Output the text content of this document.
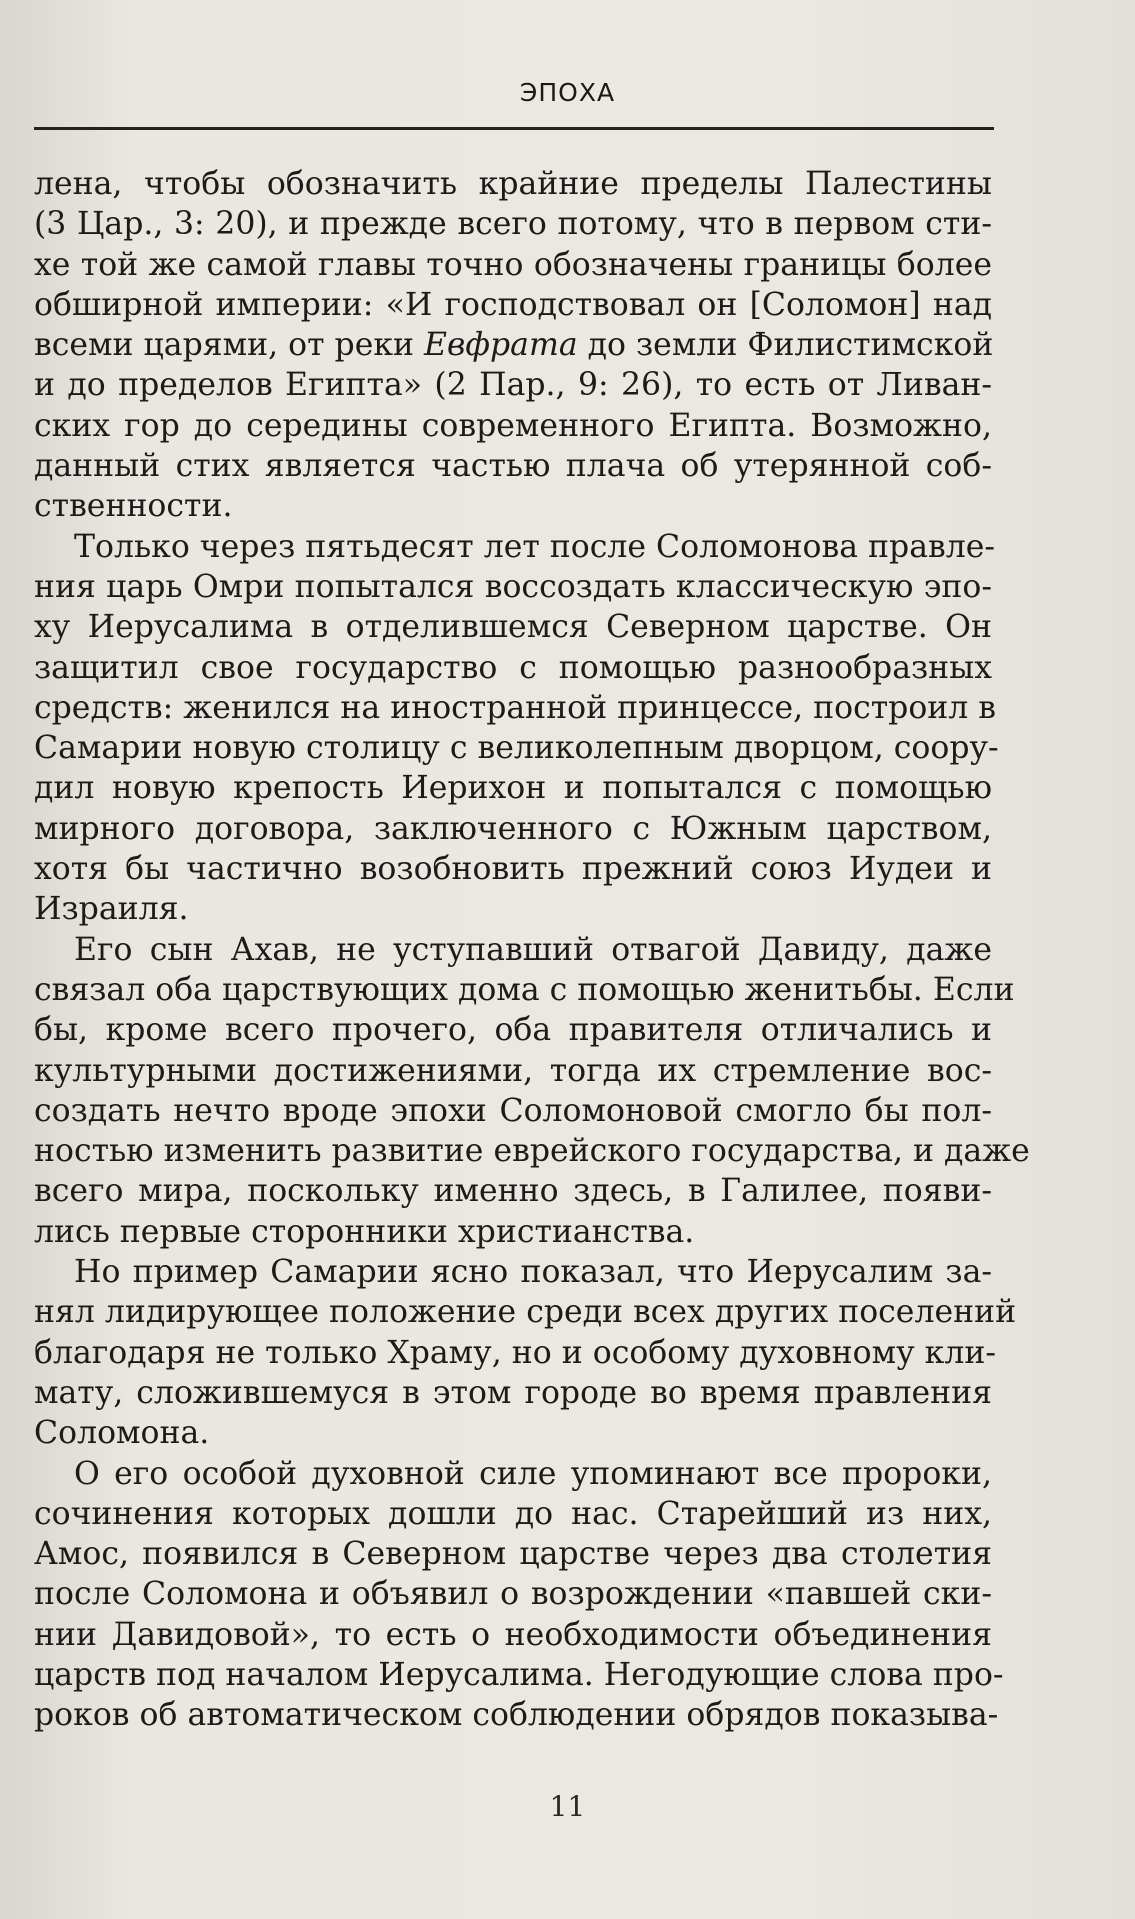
ЭПОХА
лена, чтобы обозначить крайние пределы Палестины
(3 Цар., 3: 20), и прежде всего потому, что в первом сти-
хе той же самой главы точно обозначены границы более
обширной империи: «И господствовал он [Соломон] над
всеми царями, от реки Евфрата до земли Филистимской
и до пределов Египта» (2 Пар., 9: 26), то есть от Ливан-
ских гор до середины современного Египта. Возможно,
данный стих является частью плача об утерянной соб-
ственности.
Только через пятьдесят лет после Соломонова правле-
ния царь Омри попытался воссоздать классическую эпо-
ху Иерусалима в отделившемся Северном царстве. Он
защитил свое государство с помощью разнообразных
средств: женился на иностранной принцессе, построил в
Самарии новую столицу с великолепным дворцом, соору-
дил новую крепость Иерихон и попытался с помощью
мирного договора, заключенного с Южным царством,
хотя бы частично возобновить прежний союз Иудеи и
Израиля.
Его сын Ахав, не уступавший отвагой Давиду, даже
связал оба царствующих дома с помощью женитьбы. Если
бы, кроме всего прочего, оба правителя отличались и
культурными достижениями, тогда их стремление вос-
создать нечто вроде эпохи Соломоновой смогло бы пол-
ностью изменить развитие еврейского государства, и даже
всего мира, поскольку именно здесь, в Галилее, появи-
лись первые сторонники христианства.
Но пример Самарии ясно показал, что Иерусалим за-
нял лидирующее положение среди всех других поселений
благодаря не только Храму, но и особому духовному кли-
мату, сложившемуся в этом городе во время правления
Соломона.
О его особой духовной силе упоминают все пророки,
сочинения которых дошли до нас. Старейший из них,
Амос, появился в Северном царстве через два столетия
после Соломона и объявил о возрождении «павшей ски-
нии Давидовой», то есть о необходимости объединения
царств под началом Иерусалима. Негодующие слова про-
роков об автоматическом соблюдении обрядов показыва-
11
